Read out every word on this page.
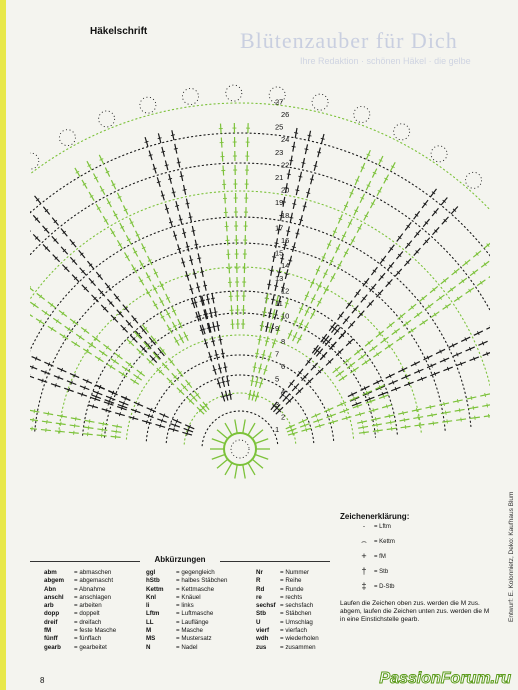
Blütenzauber für Dich
Ihre Redaktion · schönen Häkel · die gelbe
Häkelschrift
1
2
3
4
5
6
7
8
9
10
11
12
13
14
15
16
17
18
19
20
21
22
23
24
25
26
27
Entwurf: E. Kolonnietz, Deko: Kaufhaus Blum
Zeichenerklärung:
·	= Lftm
⌢	= Kettm
+	= fM
†	= Stb
‡	= D-Stb
Laufen die Zeichen oben zus. werden die M zus. abgem, laufen die Zeichen unten zus. werden die M in eine Einstichstelle gearb.
Abkürzungen
abm	= abmaschen
abgem = abgemascht
Abn	= Abnahme
anschl = anschlagen
arb	= arbeiten
dopp = doppelt
dreif	= dreifach
fM	= feste Masche
fünff	= fünffach
gearb = gearbeitet
ggl	= gegengleich
hStb	= halbes Stäbchen
Kettm = Kettmasche
Knl	= Knäuel
li	= links
Lftm	= Luftmasche
LL	= Lauflänge
M	= Masche
MS	= Mustersatz
N	= Nadel
Nr	= Nummer
R	= Reihe
Rd	= Runde
re	= rechts
sechsf = sechsfach
Stb = Stäbchen
U	= Umschlag
vierf = vierfach
wdh = wiederholen
zus = zusammen
8	PassionForum.ru
